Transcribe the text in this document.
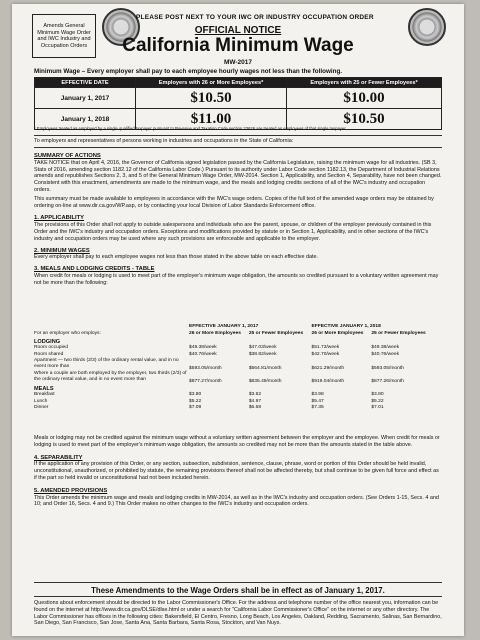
Amends General Minimum Wage Order and IWC Industry and Occupation Orders
PLEASE POST NEXT TO YOUR IWC OR INDUSTRY OCCUPATION ORDER
OFFICIAL NOTICE
California Minimum Wage
MW-2017
Minimum Wage – Every employer shall pay to each employee hourly wages not less than the following.
EFFECTIVE DATE	Employers with 26 or More Employees*	Employers with 25 or Fewer Employees*
January 1, 2017	$10.50	$10.00
January 1, 2018	$11.00	$10.50
* Employees treated as employed by a single qualified taxpayer pursuant to Revenue and Taxation Code section 23626 are treated as employees of that single taxpayer.
To employers and representatives of persons working in industries and occupations in the State of California:
SUMMARY OF ACTIONS
TAKE NOTICE that on April 4, 2016, the Governor of California signed legislation passed by the California Legislature, raising the minimum wage for all industries. (SB 3, Stats of 2016, amending section 1182.12 of the California Labor Code.) Pursuant to its authority under Labor Code section 1182.13, the Department of Industrial Relations amends and republishes Sections 2, 3, and 5 of the General Minimum Wage Order, MW-2014. Section 1, Applicability, and Section 4, Separability, have not been changed. Consistent with this enactment, amendments are made to the minimum wage, and the meals and lodging credits sections of all of the IWC's industry and occupation orders.
This summary must be made available to employees in accordance with the IWC's wage orders. Copies of the full text of the amended wage orders may be obtained by ordering on-line at www.dir.ca.gov/WP.asp, or by contacting your local Division of Labor Standards Enforcement office.
1. APPLICABILITY
The provisions of this Order shall not apply to outside salespersons and individuals who are the parent, spouse, or children of the employer previously contained in this Order and the IWC's industry and occupation orders. Exceptions and modifications provided by statute or in Section 1, Applicability, and in other sections of the IWC's industry and occupation orders may be used where any such provisions are enforceable and applicable to the employer.
2. MINIMUM WAGES
Every employer shall pay to each employee wages not less than those stated in the above table on each effective date.
3. MEALS AND LODGING CREDITS - TABLE
When credit for meals or lodging is used to meet part of the employer's minimum wage obligation, the amounts so credited pursuant to a voluntary written agreement may not be more than the following:
	EFFECTIVE JANUARY 1, 2017		EFFECTIVE JANUARY 1, 2018	
For an employer who employs:	26 or More Employees	25 or Fewer Employees	26 or More Employees	25 or Fewer Employees
LODGING				
Room occupied	$49.38/week	$47.03/week	$51.73/week	$49.38/week
Room shared	$40.76/week	$38.82/week	$42.70/week	$40.76/week
Apartment — two thirds (2/3) of the ordinary rental value, and in no event more than	$593.05/month	$564.81/month	$621.29/month	$593.05/month
Where a couple are both employed by the employer, two thirds (2/3) of the ordinary rental value, and in no event more than	$877.27/month	$835.49/month	$919.04/month	$877.26/month
MEALS				
Breakfast	$3.80	$3.62	$3.98	$3.80
Lunch	$5.22	$4.97	$5.47	$5.22
Dinner	$7.09	$6.68	$7.35	$7.01
Meals or lodging may not be credited against the minimum wage without a voluntary written agreement between the employer and the employee. When credit for meals or lodging is used to meet part of the employer's minimum wage obligation, the amounts so credited may not be more than the amounts stated in the table above.
4. SEPARABILITY
If the application of any provision of this Order, or any section, subsection, subdivision, sentence, clause, phrase, word or portion of this Order should be held invalid, unconstitutional, unauthorized, or prohibited by statute, the remaining provisions thereof shall not be affected thereby, but shall continue to be given full force and effect as if the part so held invalid or unconstitutional had not been included herein.
5. AMENDED PROVISIONS
This Order amends the minimum wage and meals and lodging credits in MW-2014, as well as in the IWC's industry and occupation orders. (See Orders 1-15, Secs. 4 and 10; and Order 16, Secs. 4 and 9.) This Order makes no other changes to the IWC's industry and occupation orders.
These Amendments to the Wage Orders shall be in effect as of January 1, 2017.
Questions about enforcement should be directed to the Labor Commissioner's Office. For the address and telephone number of the office nearest you, information can be found on the internet at http://www.dir.ca.gov/DLSE/dlse.html or under a search for "California Labor Commissioner's Office" on the internet or any other directory. The Labor Commissioner has offices in the following cities: Bakersfield, El Centro, Fresno, Long Beach, Los Angeles, Oakland, Redding, Sacramento, Salinas, San Bernardino, San Diego, San Francisco, San Jose, Santa Ana, Santa Barbara, Santa Rosa, Stockton, and Van Nuys.
